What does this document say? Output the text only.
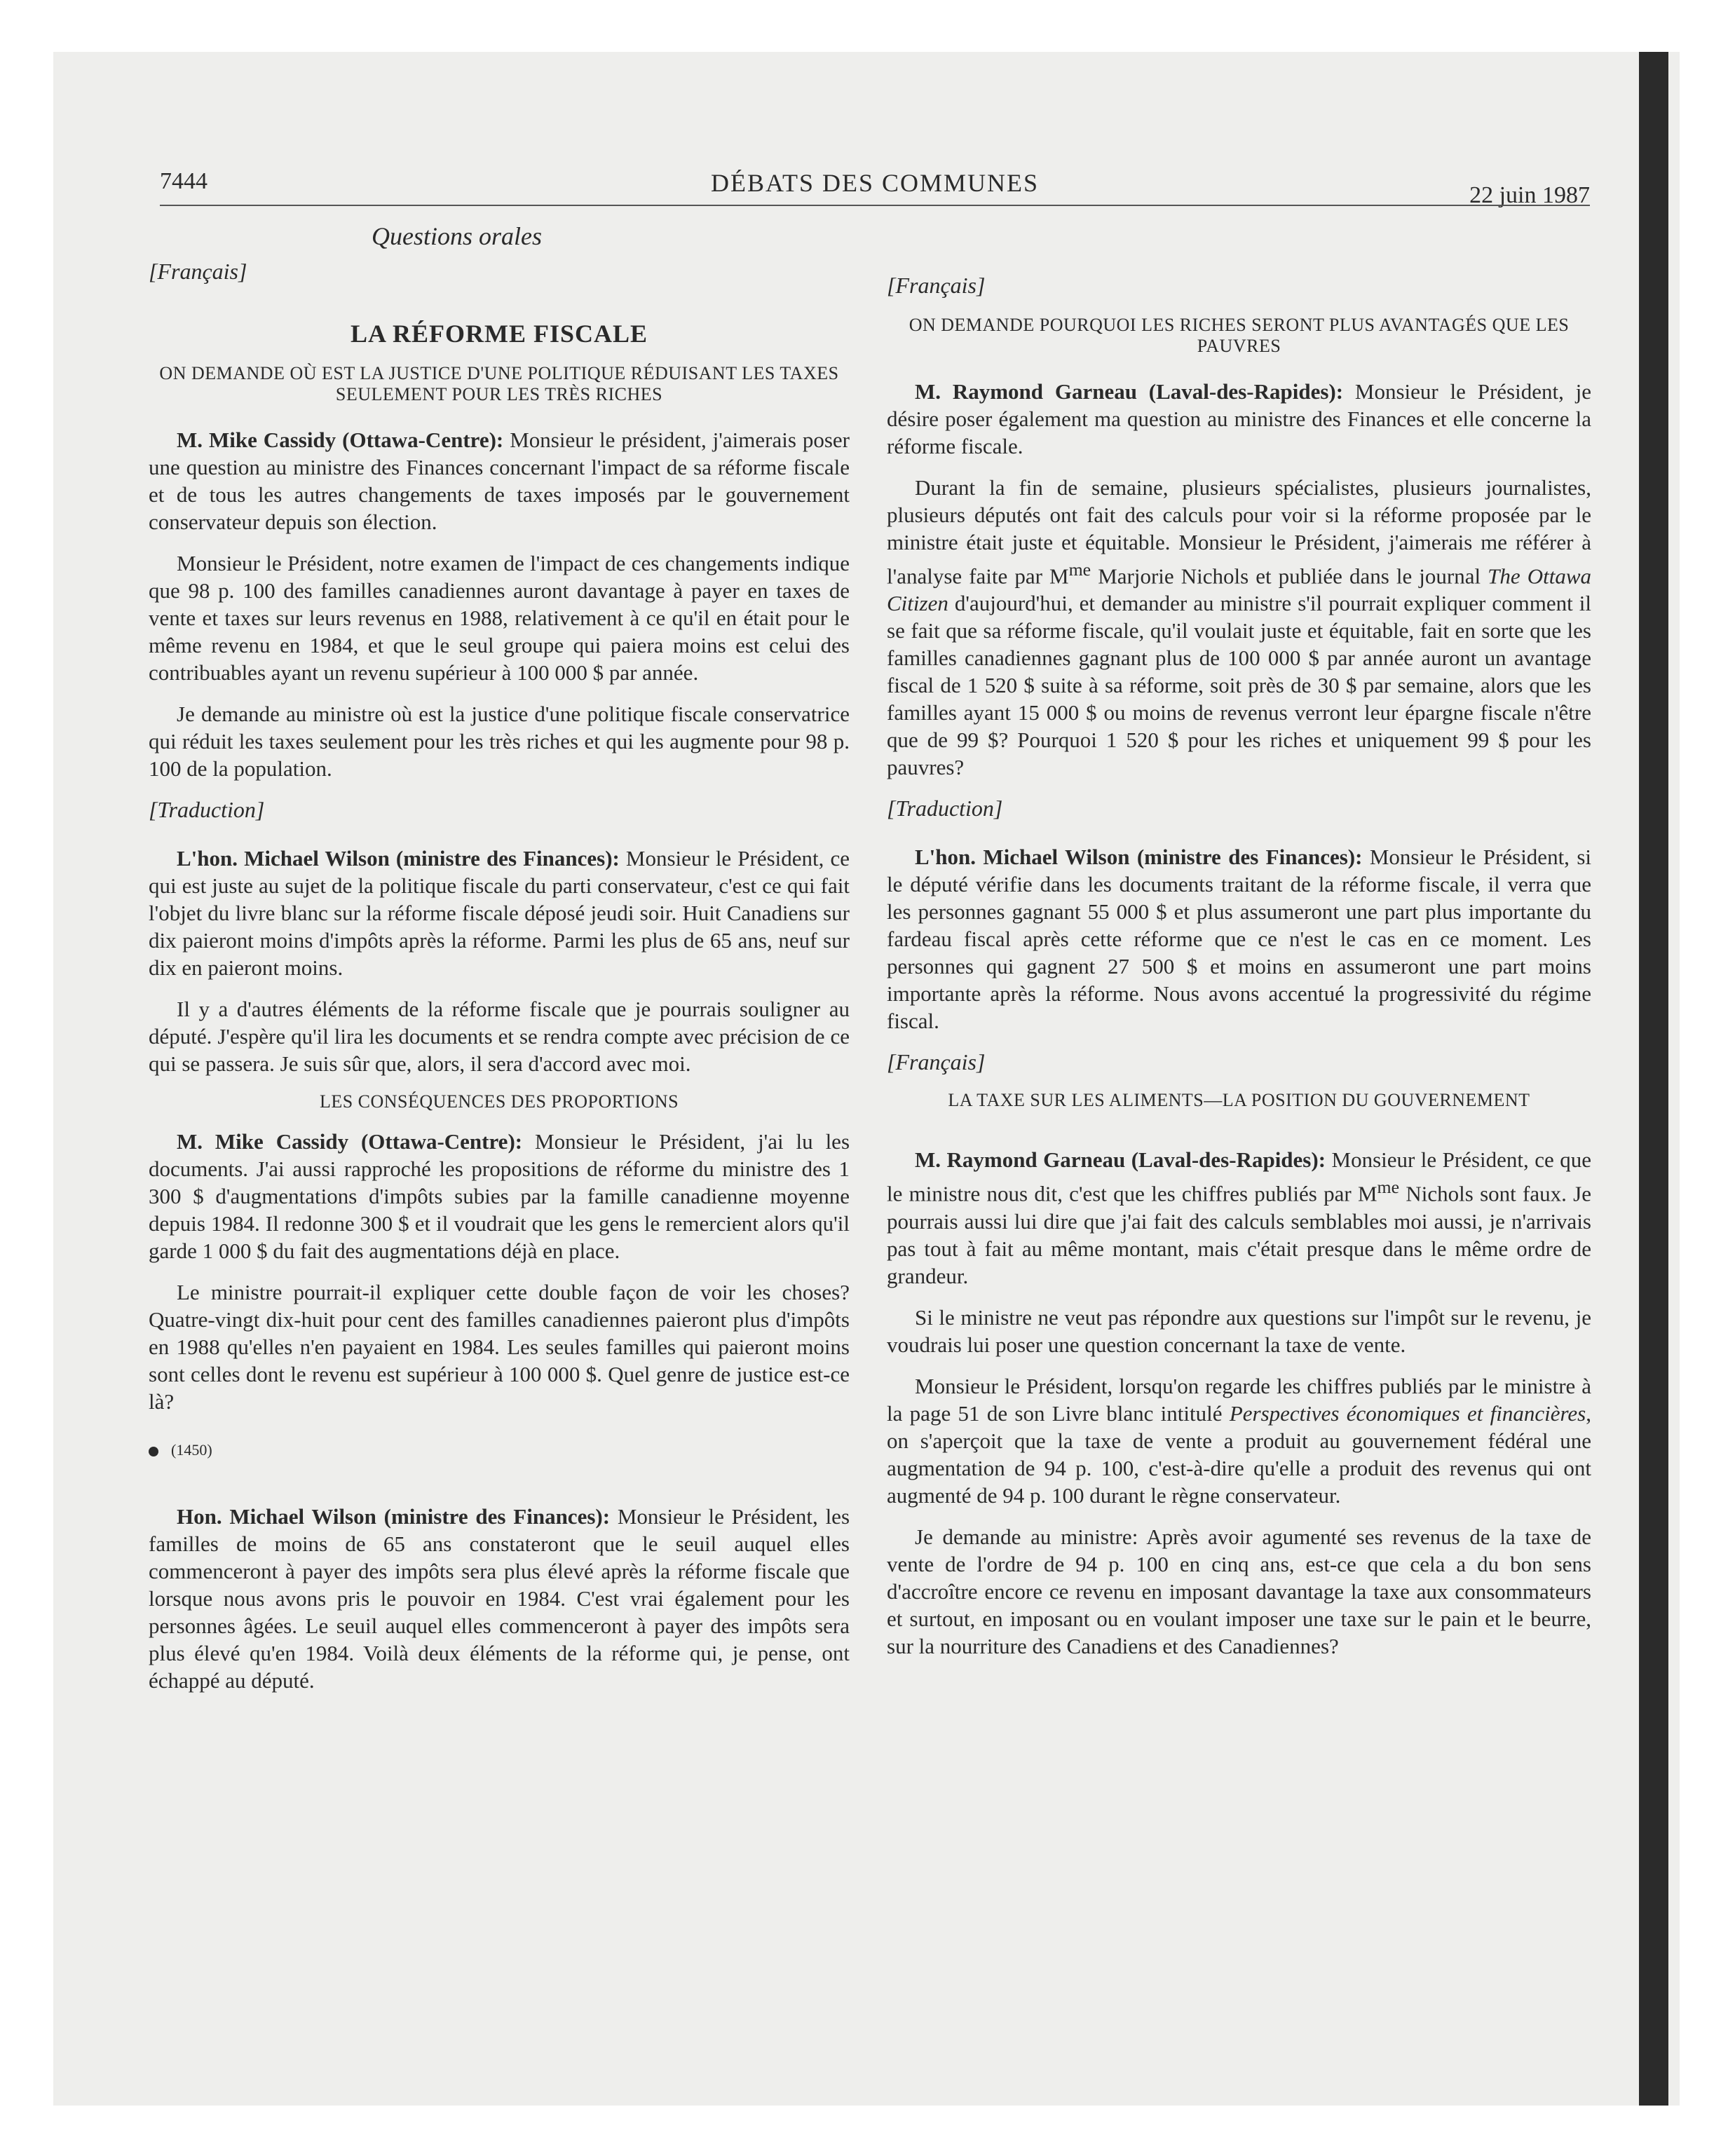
7444	DÉBATS DES COMMUNES	22 juin 1987
Questions orales

[Français]

LA RÉFORME FISCALE
ON DEMANDE OÙ EST LA JUSTICE D'UNE POLITIQUE RÉDUISANT LES TAXES SEULEMENT POUR LES TRÈS RICHES

M. Mike Cassidy (Ottawa-Centre): Monsieur le président, j'aimerais poser une question au ministre des Finances concernant l'impact de sa réforme fiscale et de tous les autres changements de taxes imposés par le gouvernement conservateur depuis son élection.

Monsieur le Président, notre examen de l'impact de ces changements indique que 98 p. 100 des familles canadiennes auront davantage à payer en taxes de vente et taxes sur leurs revenus en 1988, relativement à ce qu'il en était pour le même revenu en 1984, et que le seul groupe qui paiera moins est celui des contribuables ayant un revenu supérieur à 100 000 $ par année.

Je demande au ministre où est la justice d'une politique fiscale conservatrice qui réduit les taxes seulement pour les très riches et qui les augmente pour 98 p. 100 de la population.

[Traduction]

L'hon. Michael Wilson (ministre des Finances): Monsieur le Président, ce qui est juste au sujet de la politique fiscale du parti conservateur, c'est ce qui fait l'objet du livre blanc sur la réforme fiscale déposé jeudi soir. Huit Canadiens sur dix paieront moins d'impôts après la réforme. Parmi les plus de 65 ans, neuf sur dix en paieront moins.

Il y a d'autres éléments de la réforme fiscale que je pourrais souligner au député. J'espère qu'il lira les documents et se rendra compte avec précision de ce qui se passera. Je suis sûr que, alors, il sera d'accord avec moi.

LES CONSÉQUENCES DES PROPORTIONS

M. Mike Cassidy (Ottawa-Centre): Monsieur le Président, j'ai lu les documents. J'ai aussi rapproché les propositions de réforme du ministre des 1 300 $ d'augmentations d'impôts subies par la famille canadienne moyenne depuis 1984. Il redonne 300 $ et il voudrait que les gens le remercient alors qu'il garde 1 000 $ du fait des augmentations déjà en place.

Le ministre pourrait-il expliquer cette double façon de voir les choses? Quatre-vingt dix-huit pour cent des familles canadiennes paieront plus d'impôts en 1988 qu'elles n'en payaient en 1984. Les seules familles qui paieront moins sont celles dont le revenu est supérieur à 100 000 $. Quel genre de justice est-ce là?

(1450)

Hon. Michael Wilson (ministre des Finances): Monsieur le Président, les familles de moins de 65 ans constateront que le seuil auquel elles commenceront à payer des impôts sera plus élevé après la réforme fiscale que lorsque nous avons pris le pouvoir en 1984. C'est vrai également pour les personnes âgées. Le seuil auquel elles commenceront à payer des impôts sera plus élevé qu'en 1984. Voilà deux éléments de la réforme qui, je pense, ont échappé au député.

[Français]

ON DEMANDE POURQUOI LES RICHES SERONT PLUS AVANTAGÉS QUE LES PAUVRES

M. Raymond Garneau (Laval-des-Rapides): Monsieur le Président, je désire poser également ma question au ministre des Finances et elle concerne la réforme fiscale.

Durant la fin de semaine, plusieurs spécialistes, plusieurs journalistes, plusieurs députés ont fait des calculs pour voir si la réforme proposée par le ministre était juste et équitable. Monsieur le Président, j'aimerais me référer à l'analyse faite par $M^{me}$ Marjorie Nichols et publiée dans le journal The Ottawa Citizen d'aujourd'hui, et demander au ministre s'il pourrait expliquer comment il se fait que sa réforme fiscale, qu'il voulait juste et équitable, fait en sorte que les familles canadiennes gagnant plus de 100 000 $ par année auront un avantage fiscal de 1 520 $ suite à sa réforme, soit près de 30 $ par semaine, alors que les familles ayant 15 000 $ ou moins de revenus verront leur épargne fiscale n'être que de 99 $? Pourquoi 1 520 $ pour les riches et uniquement 99 $ pour les pauvres?

[Traduction]

L'hon. Michael Wilson (ministre des Finances): Monsieur le Président, si le député vérifie dans les documents traitant de la réforme fiscale, il verra que les personnes gagnant 55 000 $ et plus assumeront une part plus importante du fardeau fiscal après cette réforme que ce n'est le cas en ce moment. Les personnes qui gagnent 27 500 $ et moins en assumeront une part moins importante après la réforme. Nous avons accentué la progressivité du régime fiscal.

[Français]

LA TAXE SUR LES ALIMENTS—LA POSITION DU GOUVERNEMENT

M. Raymond Garneau (Laval-des-Rapides): Monsieur le Président, ce que le ministre nous dit, c'est que les chiffres publiés par $M^{me}$ Nichols sont faux. Je pourrais aussi lui dire que j'ai fait des calculs semblables moi aussi, je n'arrivais pas tout à fait au même montant, mais c'était presque dans le même ordre de grandeur.

Si le ministre ne veut pas répondre aux questions sur l'impôt sur le revenu, je voudrais lui poser une question concernant la taxe de vente.

Monsieur le Président, lorsqu'on regarde les chiffres publiés par le ministre à la page 51 de son Livre blanc intitulé Perspectives économiques et financières, on s'aperçoit que la taxe de vente a produit au gouvernement fédéral une augmentation de 94 p. 100, c'est-à-dire qu'elle a produit des revenus qui ont augmenté de 94 p. 100 durant le règne conservateur.

Je demande au ministre: Après avoir agumenté ses revenus de la taxe de vente de l'ordre de 94 p. 100 en cinq ans, est-ce que cela a du bon sens d'accroître encore ce revenu en imposant davantage la taxe aux consommateurs et surtout, en imposant ou en voulant imposer une taxe sur le pain et le beurre, sur la nourriture des Canadiens et des Canadiennes?
